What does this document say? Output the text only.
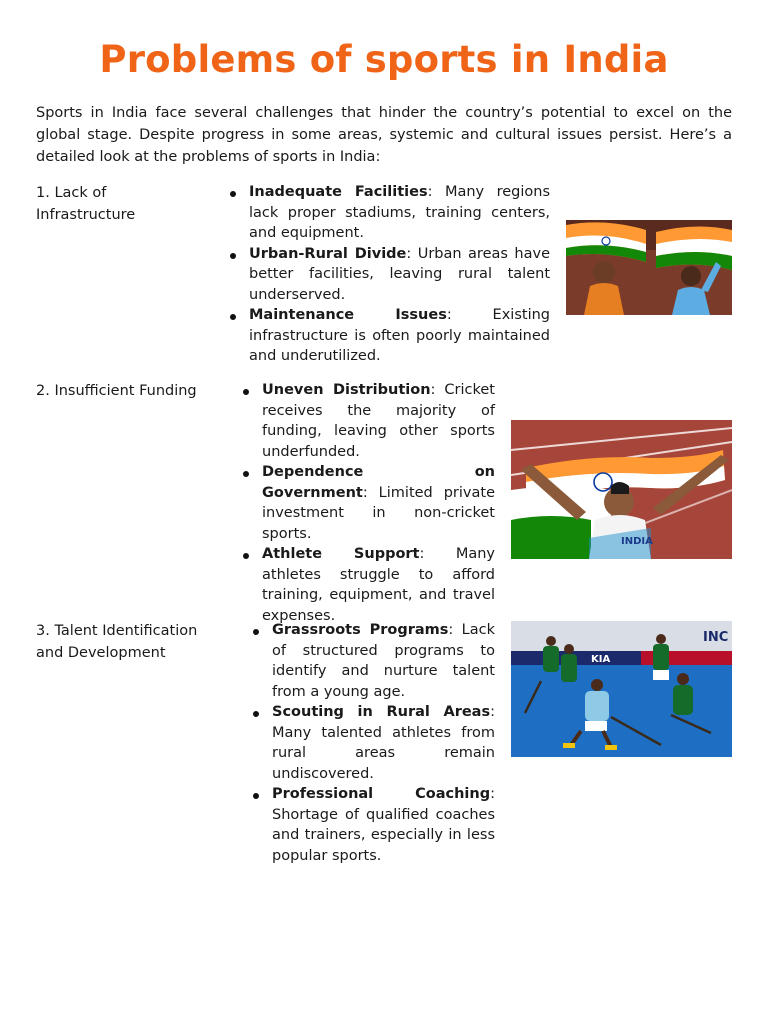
Problems of sports in India

Sports in India face several challenges that hinder the country’s potential to excel on the global stage. Despite progress in some areas, systemic and cultural issues persist. Here’s a detailed look at the problems of sports in India:

1. Lack of Infrastructure
Inadequate Facilities: Many regions lack proper stadiums, training centers, and equipment.
Urban-Rural Divide: Urban areas have better facilities, leaving rural talent underserved.
Maintenance Issues: Existing infrastructure is often poorly maintained and underutilized.
2. Insufficient Funding	Uneven Distribution: Cricket receives the majority of funding, leaving other sports underfunded.
Dependence on Government: Limited private investment in non-cricket sports.
Athlete Support: Many athletes struggle to afford training, equipment, and travel expenses.
INDIA
3. Talent Identification and Development
Grassroots Programs: Lack of structured programs to identify and nurture talent from a young age.
Scouting in Rural Areas: Many talented athletes from rural areas remain undiscovered.
Professional Coaching: Shortage of qualified coaches and trainers, especially in less popular sports.
KIA
INC
